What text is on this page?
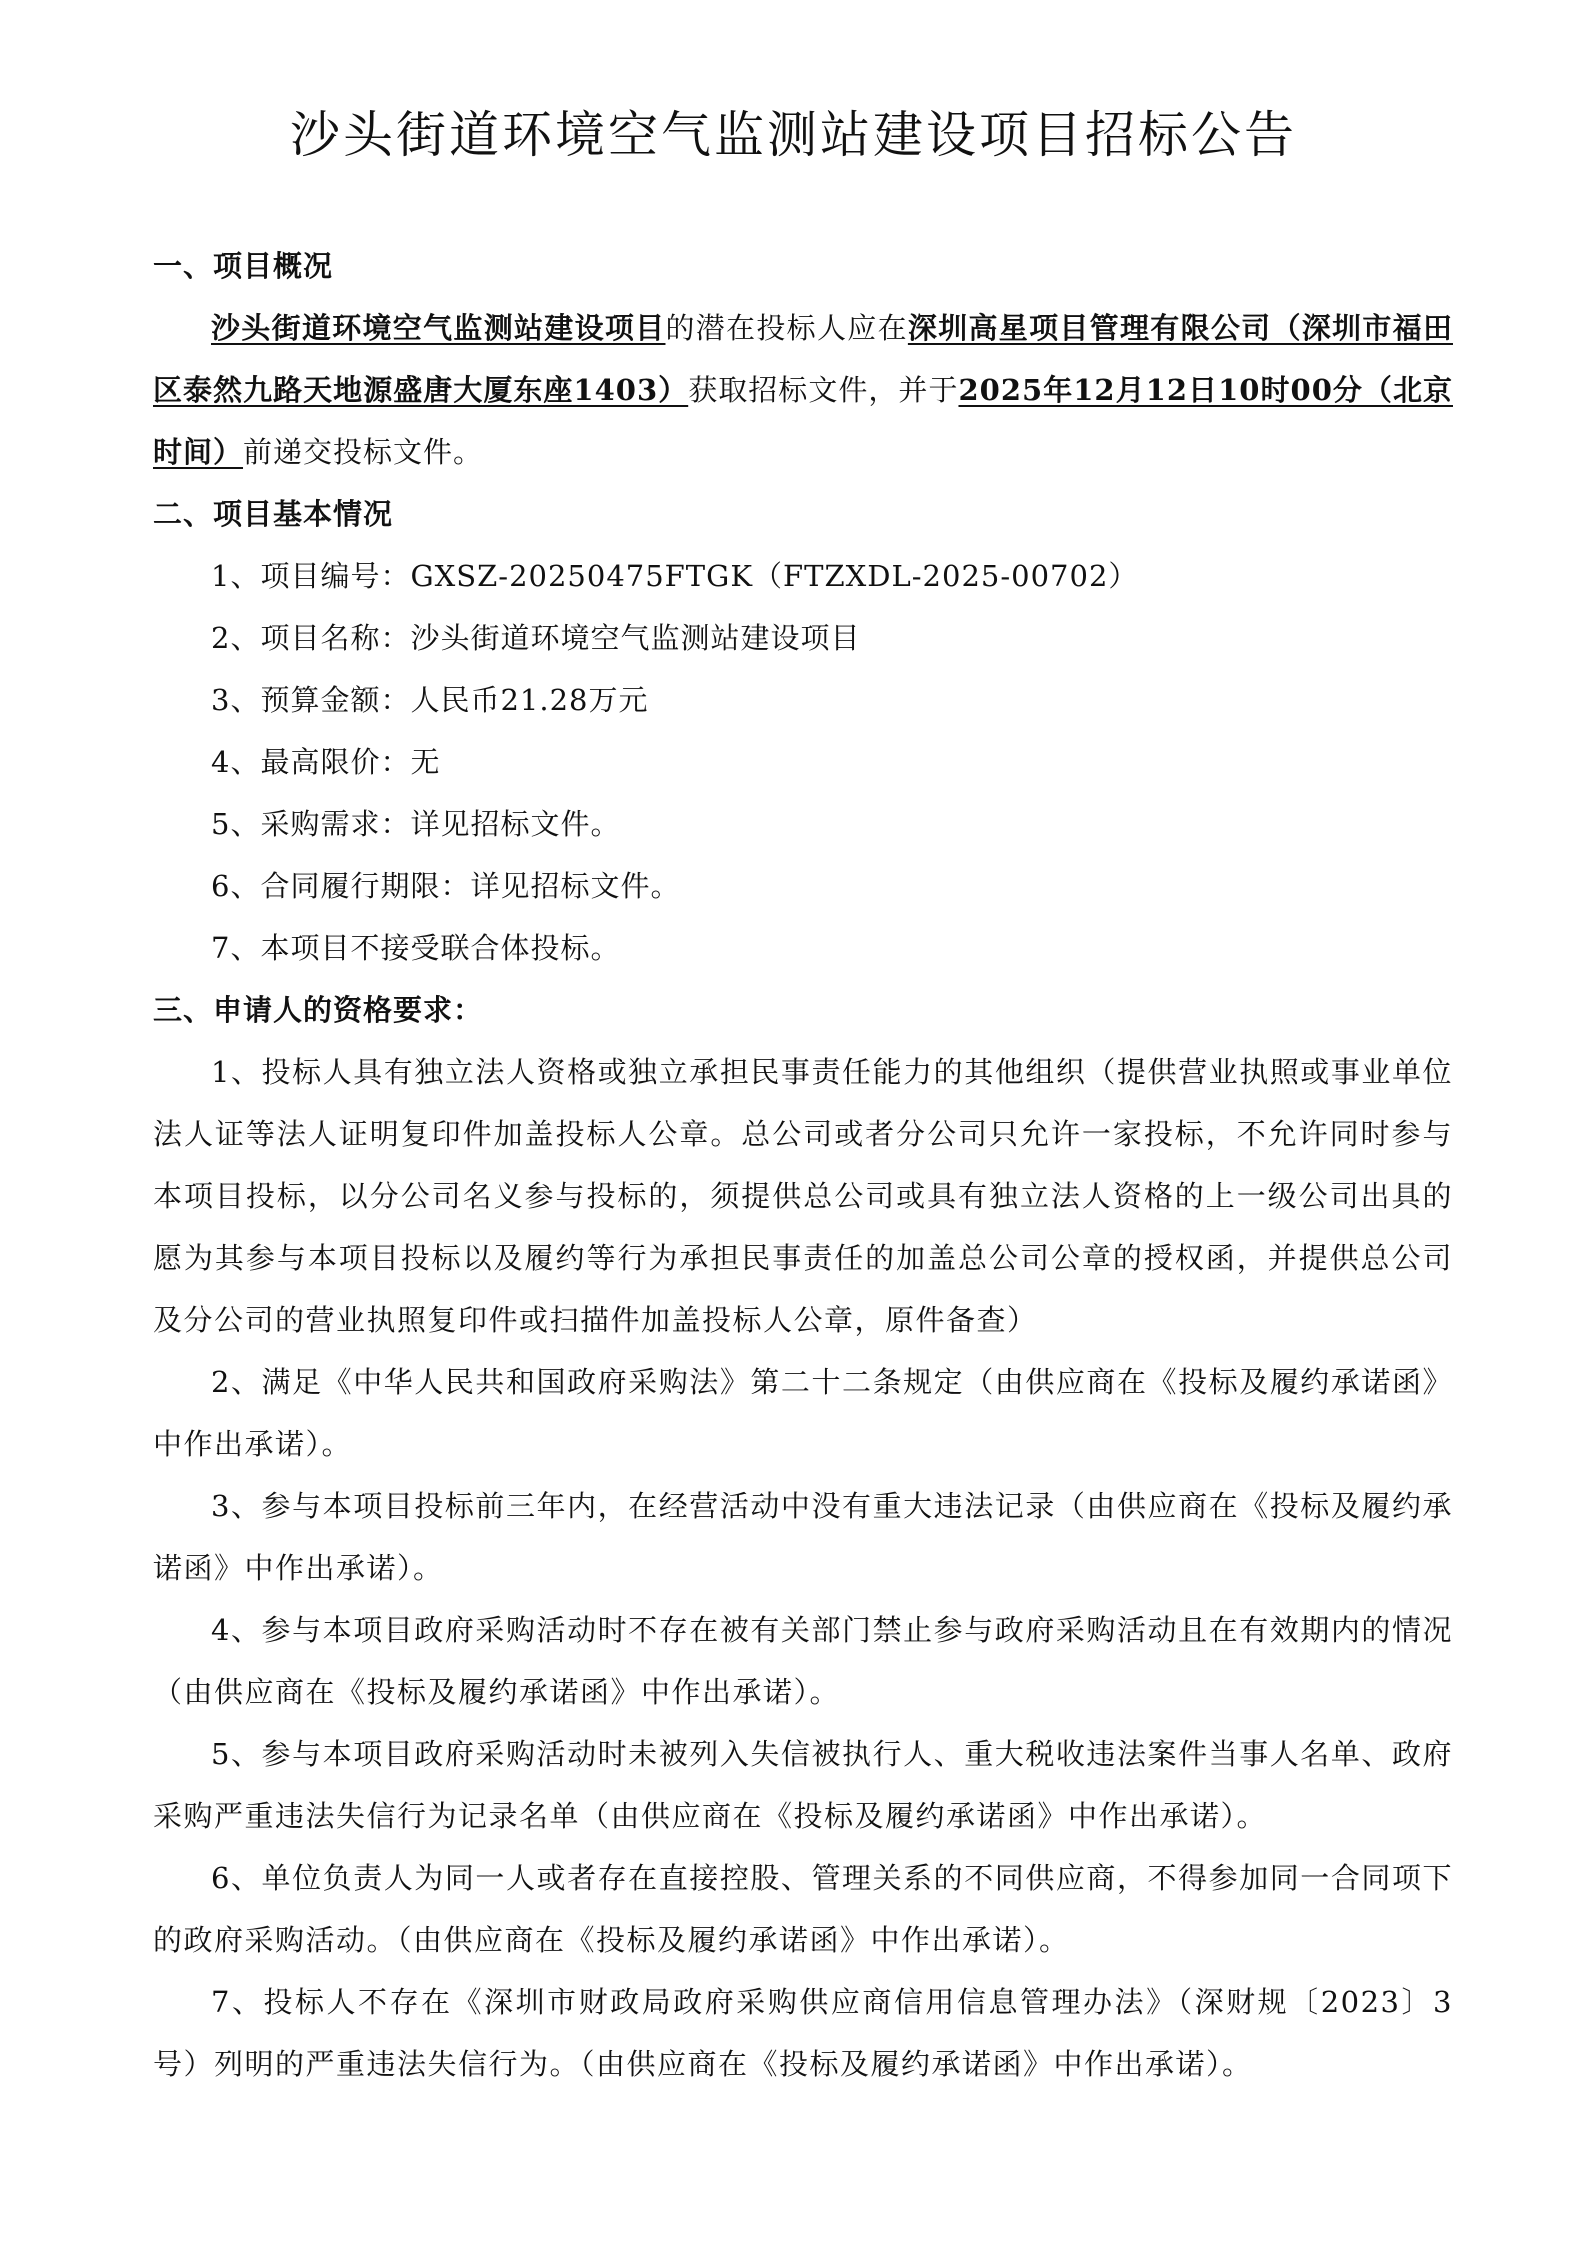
沙头街道环境空气监测站建设项目招标公告
一、项目概况

沙头街道环境空气监测站建设项目的潜在投标人应在深圳高星项目管理有限公司（深圳市福田区泰然九路天地源盛唐大厦东座1403）获取招标文件，并于2025年12月12日10时00分（北京时间）前递交投标文件。

二、项目基本情况

1、项目编号：GXSZ-20250475FTGK（FTZXDL-2025-00702）

2、项目名称：沙头街道环境空气监测站建设项目

3、预算金额：人民币21.28万元

4、最高限价：无

5、采购需求：详见招标文件。

6、合同履行期限：详见招标文件。

7、本项目不接受联合体投标。

三、申请人的资格要求：

1、投标人具有独立法人资格或独立承担民事责任能力的其他组织（提供营业执照或事业单位法人证等法人证明复印件加盖投标人公章。总公司或者分公司只允许一家投标，不允许同时参与本项目投标，以分公司名义参与投标的，须提供总公司或具有独立法人资格的上一级公司出具的愿为其参与本项目投标以及履约等行为承担民事责任的加盖总公司公章的授权函，并提供总公司及分公司的营业执照复印件或扫描件加盖投标人公章，原件备查）

2、满足《中华人民共和国政府采购法》第二十二条规定（由供应商在《投标及履约承诺函》中作出承诺）。

3、参与本项目投标前三年内，在经营活动中没有重大违法记录（由供应商在《投标及履约承诺函》中作出承诺）。

4、参与本项目政府采购活动时不存在被有关部门禁止参与政府采购活动且在有效期内的情况（由供应商在《投标及履约承诺函》中作出承诺）。

5、参与本项目政府采购活动时未被列入失信被执行人、重大税收违法案件当事人名单、政府采购严重违法失信行为记录名单（由供应商在《投标及履约承诺函》中作出承诺）。

6、单位负责人为同一人或者存在直接控股、管理关系的不同供应商，不得参加同一合同项下的政府采购活动。（由供应商在《投标及履约承诺函》中作出承诺）。

7、投标人不存在《深圳市财政局政府采购供应商信用信息管理办法》（深财规〔2023〕3号）列明的严重违法失信行为。（由供应商在《投标及履约承诺函》中作出承诺）。
